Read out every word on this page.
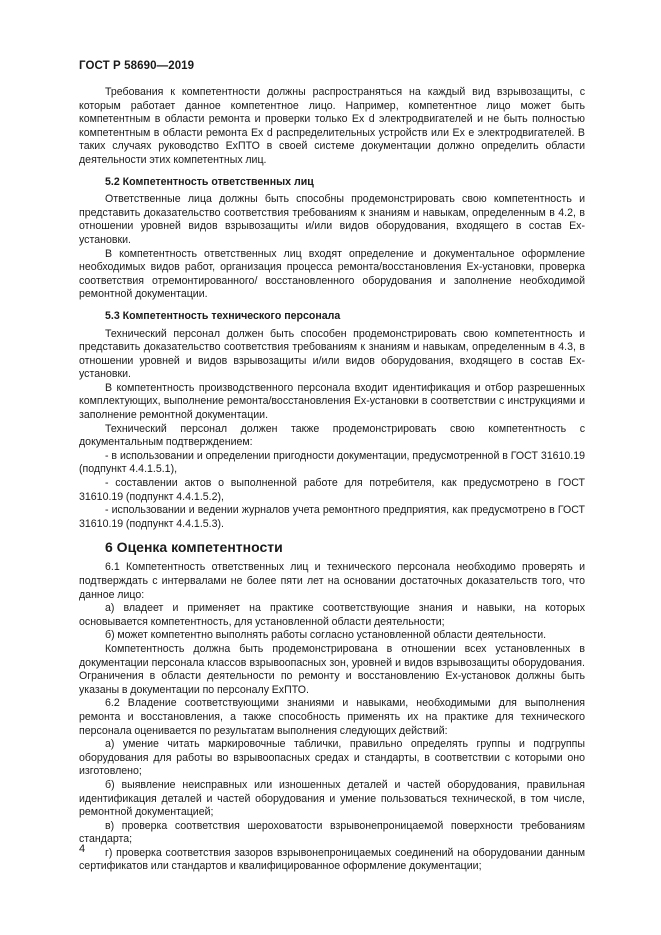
ГОСТ Р 58690—2019

Требования к компетентности должны распространяться на каждый вид взрывозащиты, с которым работает данное компетентное лицо. Например, компетентное лицо может быть компетентным в области ремонта и проверки только Ex d электродвигателей и не быть полностью компетентным в области ремонта Ex d распределительных устройств или Ex e электродвигателей. В таких случаях руководство ExПТО в своей системе документации должно определить области деятельности этих компетентных лиц.

5.2 Компетентность ответственных лиц

Ответственные лица должны быть способны продемонстрировать свою компетентность и представить доказательство соответствия требованиям к знаниям и навыкам, определенным в 4.2, в отношении уровней видов взрывозащиты и/или видов оборудования, входящего в состав Ex-установки.

В компетентность ответственных лиц входят определение и документальное оформление необходимых видов работ, организация процесса ремонта/восстановления Ex-установки, проверка соответствия отремонтированного/ восстановленного оборудования и заполнение необходимой ремонтной документации.

5.3 Компетентность технического персонала

Технический персонал должен быть способен продемонстрировать свою компетентность и представить доказательство соответствия требованиям к знаниям и навыкам, определенным в 4.3, в отношении уровней и видов взрывозащиты и/или видов оборудования, входящего в состав Ex-установки.

В компетентность производственного персонала входит идентификация и отбор разрешенных комплектующих, выполнение ремонта/восстановления Ex-установки в соответствии с инструкциями и заполнение ремонтной документации.

Технический персонал должен также продемонстрировать свою компетентность с документальным подтверждением:

- в использовании и определении пригодности документации, предусмотренной в ГОСТ 31610.19 (подпункт 4.4.1.5.1),

- составлении актов о выполненной работе для потребителя, как предусмотрено в ГОСТ 31610.19 (подпункт 4.4.1.5.2),

- использовании и ведении журналов учета ремонтного предприятия, как предусмотрено в ГОСТ 31610.19 (подпункт 4.4.1.5.3).

6 Оценка компетентности

6.1 Компетентность ответственных лиц и технического персонала необходимо проверять и подтверждать с интервалами не более пяти лет на основании достаточных доказательств того, что данное лицо:

а) владеет и применяет на практике соответствующие знания и навыки, на которых основывается компетентность, для установленной области деятельности;

б) может компетентно выполнять работы согласно установленной области деятельности.

Компетентность должна быть продемонстрирована в отношении всех установленных в документации персонала классов взрывоопасных зон, уровней и видов взрывозащиты оборудования. Ограничения в области деятельности по ремонту и восстановлению Ex-установок должны быть указаны в документации по персоналу ExПТО.

6.2 Владение соответствующими знаниями и навыками, необходимыми для выполнения ремонта и восстановления, а также способность применять их на практике для технического персонала оценивается по результатам выполнения следующих действий:

а) умение читать маркировочные таблички, правильно определять группы и подгруппы оборудования для работы во взрывоопасных средах и стандарты, в соответствии с которыми оно изготовлено;

б) выявление неисправных или изношенных деталей и частей оборудования, правильная идентификация деталей и частей оборудования и умение пользоваться технической, в том числе, ремонтной документацией;

в) проверка соответствия шероховатости взрывонепроницаемой поверхности требованиям стандарта;

г) проверка соответствия зазоров взрывонепроницаемых соединений на оборудовании данным сертификатов или стандартов и квалифицированное оформление документации;

4
